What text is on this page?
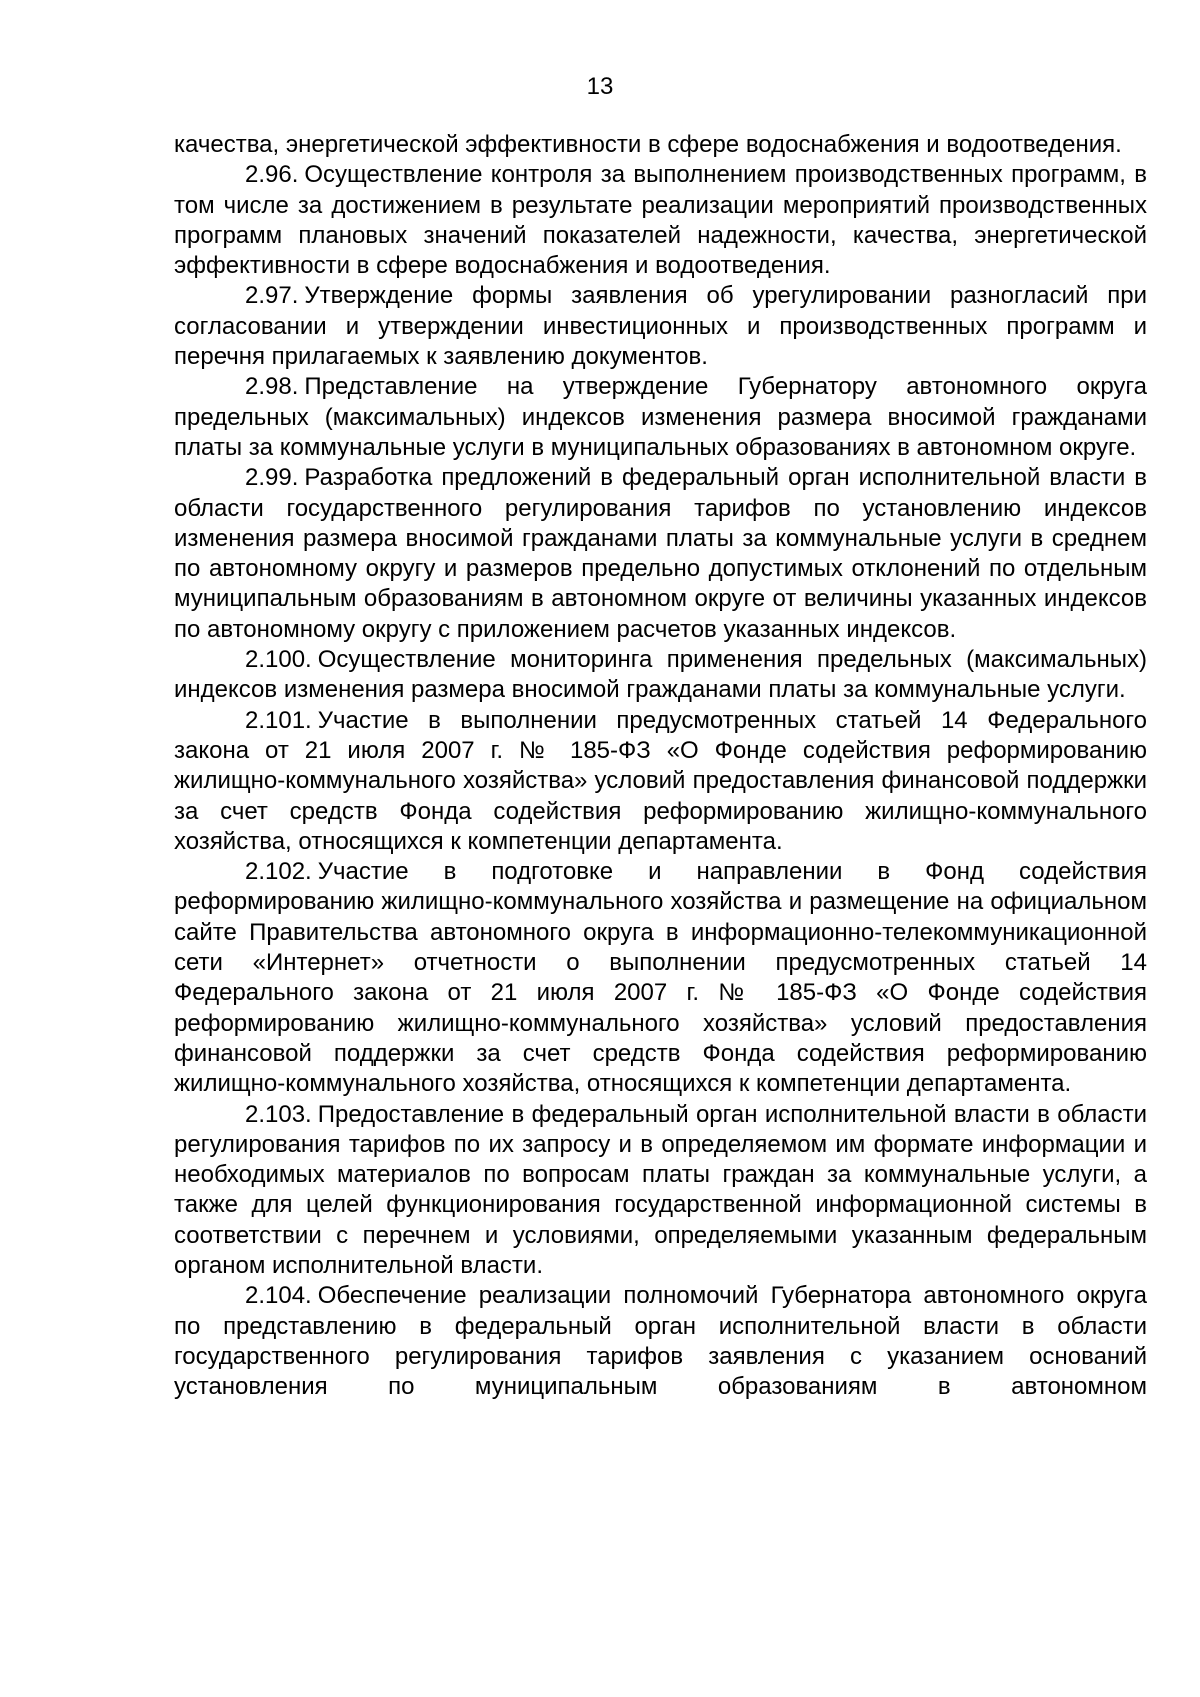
13

качества, энергетической эффективности в сфере водоснабжения и водоотведения.

2.96. Осуществление контроля за выполнением производственных программ, в том числе за достижением в результате реализации мероприятий производственных программ плановых значений показателей надежности, качества, энергетической эффективности в сфере водоснабжения и водоотведения.

2.97. Утверждение формы заявления об урегулировании разногласий при согласовании и утверждении инвестиционных и производственных программ и перечня прилагаемых к заявлению документов.

2.98. Представление на утверждение Губернатору автономного округа предельных (максимальных) индексов изменения размера вносимой гражданами платы за коммунальные услуги в муниципальных образованиях в автономном округе.

2.99. Разработка предложений в федеральный орган исполнительной власти в области государственного регулирования тарифов по установлению индексов изменения размера вносимой гражданами платы за коммунальные услуги в среднем по автономному округу и размеров предельно допустимых отклонений по отдельным муниципальным образованиям в автономном округе от величины указанных индексов по автономному округу с приложением расчетов указанных индексов.

2.100. Осуществление мониторинга применения предельных (максимальных) индексов изменения размера вносимой гражданами платы за коммунальные услуги.

2.101. Участие в выполнении предусмотренных статьей 14 Федерального закона от 21 июля 2007 г. № 185-ФЗ «О Фонде содействия реформированию жилищно-коммунального хозяйства» условий предоставления финансовой поддержки за счет средств Фонда содействия реформированию жилищно-коммунального хозяйства, относящихся к компетенции департамента.

2.102. Участие в подготовке и направлении в Фонд содействия реформированию жилищно-коммунального хозяйства и размещение на официальном сайте Правительства автономного округа в информационно-телекоммуникационной сети «Интернет» отчетности о выполнении предусмотренных статьей 14 Федерального закона от 21 июля 2007 г. № 185-ФЗ «О Фонде содействия реформированию жилищно-коммунального хозяйства» условий предоставления финансовой поддержки за счет средств Фонда содействия реформированию жилищно-коммунального хозяйства, относящихся к компетенции департамента.

2.103. Предоставление в федеральный орган исполнительной власти в области регулирования тарифов по их запросу и в определяемом им формате информации и необходимых материалов по вопросам платы граждан за коммунальные услуги, а также для целей функционирования государственной информационной системы в соответствии с перечнем и условиями, определяемыми указанным федеральным органом исполнительной власти.

2.104. Обеспечение реализации полномочий Губернатора автономного округа по представлению в федеральный орган исполнительной власти в области государственного регулирования тарифов заявления с указанием оснований установления по муниципальным образованиям в автономном
